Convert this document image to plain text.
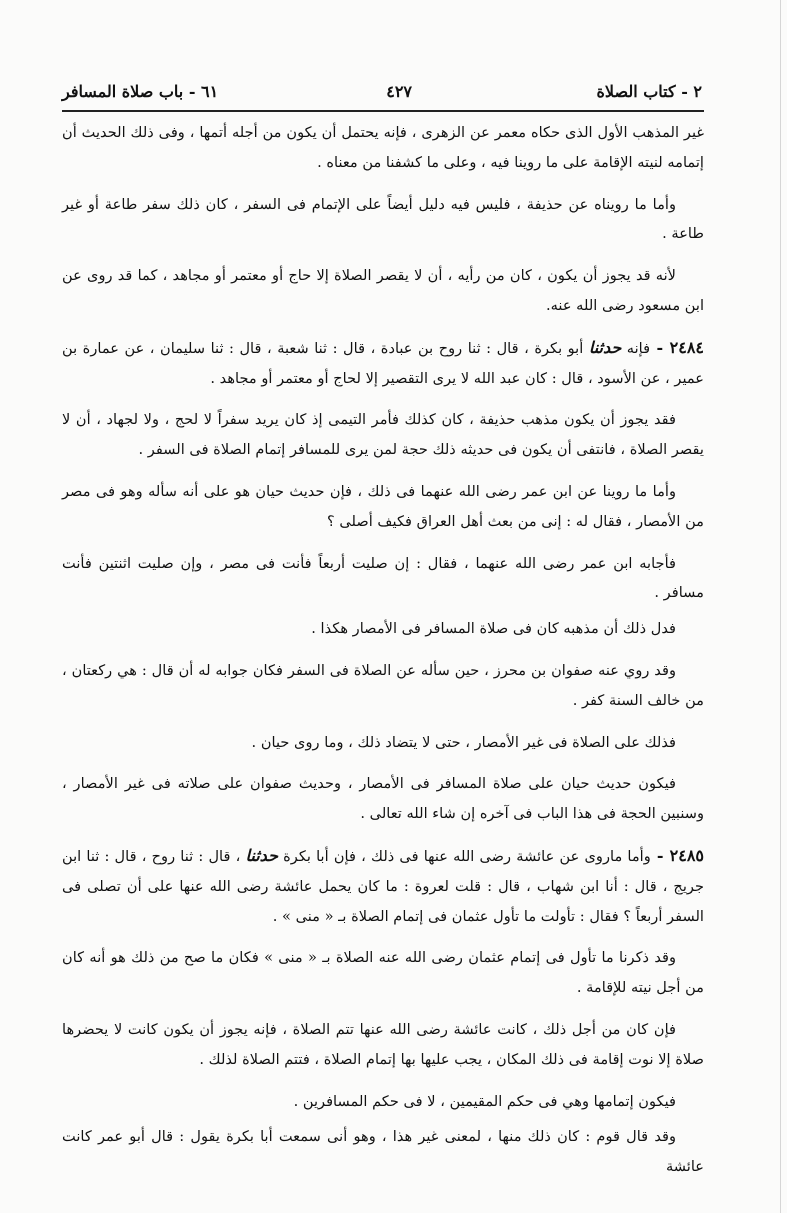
٢ - كتاب الصلاة
٤٢٧
٦١ - باب صلاة المسافر

غير المذهب الأول الذى حكاه معمر عن الزهرى ، فإنه يحتمل أن يكون من أجله أتمها ، وفى ذلك الحديث أن إتمامه لنيته الإقامة على ما روينا فيه ، وعلى ما كشفنا من معناه .

وأما ما رويناه عن حذيفة ، فليس فيه دليل أيضاً على الإتمام فى السفر ، كان ذلك سفر طاعة أو غير طاعة .

لأنه قد يجوز أن يكون ، كان من رأيه ، أن لا يقصر الصلاة إلا حاج أو معتمر أو مجاهد ، كما قد روى عن ابن مسعود رضى الله عنه.

٢٤٨٤ - فإنه حدثنا أبو بكرة ، قال : ثنا روح بن عبادة ، قال : ثنا شعبة ، قال : ثنا سليمان ، عن عمارة بن عمير ، عن الأسود ، قال : كان عبد الله لا يرى التقصير إلا لحاج أو معتمر أو مجاهد .

فقد يجوز أن يكون مذهب حذيفة ، كان كذلك فأمر التيمى إذ كان يريد سفراً لا لحج ، ولا لجهاد ، أن لا يقصر الصلاة ، فانتفى أن يكون فى حديثه ذلك حجة لمن يرى للمسافر إتمام الصلاة فى السفر .

وأما ما روينا عن ابن عمر رضى الله عنهما فى ذلك ، فإن حديث حيان هو على أنه سأله وهو فى مصر من الأمصار ، فقال له : إنى من بعث أهل العراق فكيف أصلى ؟

فأجابه ابن عمر رضى الله عنهما ، فقال : إن صليت أربعاً فأنت فى مصر ، وإن صليت اثنتين فأنت مسافر .

فدل ذلك أن مذهبه كان فى صلاة المسافر فى الأمصار هكذا .

وقد روي عنه صفوان بن محرز ، حين سأله عن الصلاة فى السفر فكان جوابه له أن قال : هي ركعتان ، من خالف السنة كفر .

فذلك على الصلاة فى غير الأمصار ، حتى لا يتضاد ذلك ، وما روى حيان .

فيكون حديث حيان على صلاة المسافر فى الأمصار ، وحديث صفوان على صلاته فى غير الأمصار ، وسنبين الحجة فى هذا الباب فى آخره إن شاء الله تعالى .

٢٤٨٥ - وأما ماروى عن عائشة رضى الله عنها فى ذلك ، فإن أبا بكرة حدثنا ، قال : ثنا روح ، قال : ثنا ابن جريج ، قال : أنا ابن شهاب ، قال : قلت لعروة : ما كان يحمل عائشة رضى الله عنها على أن تصلى فى السفر أربعاً ؟ فقال : تأولت ما تأول عثمان فى إتمام الصلاة بـ « منى » .

وقد ذكرنا ما تأول فى إتمام عثمان رضى الله عنه الصلاة بـ « منى » فكان ما صح من ذلك هو أنه كان من أجل نيته للإقامة .

فإن كان من أجل ذلك ، كانت عائشة رضى الله عنها تتم الصلاة ، فإنه يجوز أن يكون كانت لا يحضرها صلاة إلا نوت إقامة فى ذلك المكان ، يجب عليها بها إتمام الصلاة ، فتتم الصلاة لذلك .

فيكون إتمامها وهي فى حكم المقيمين ، لا فى حكم المسافرين .

وقد قال قوم : كان ذلك منها ، لمعنى غير هذا ، وهو أنى سمعت أبا بكرة يقول : قال أبو عمر كانت عائشة
